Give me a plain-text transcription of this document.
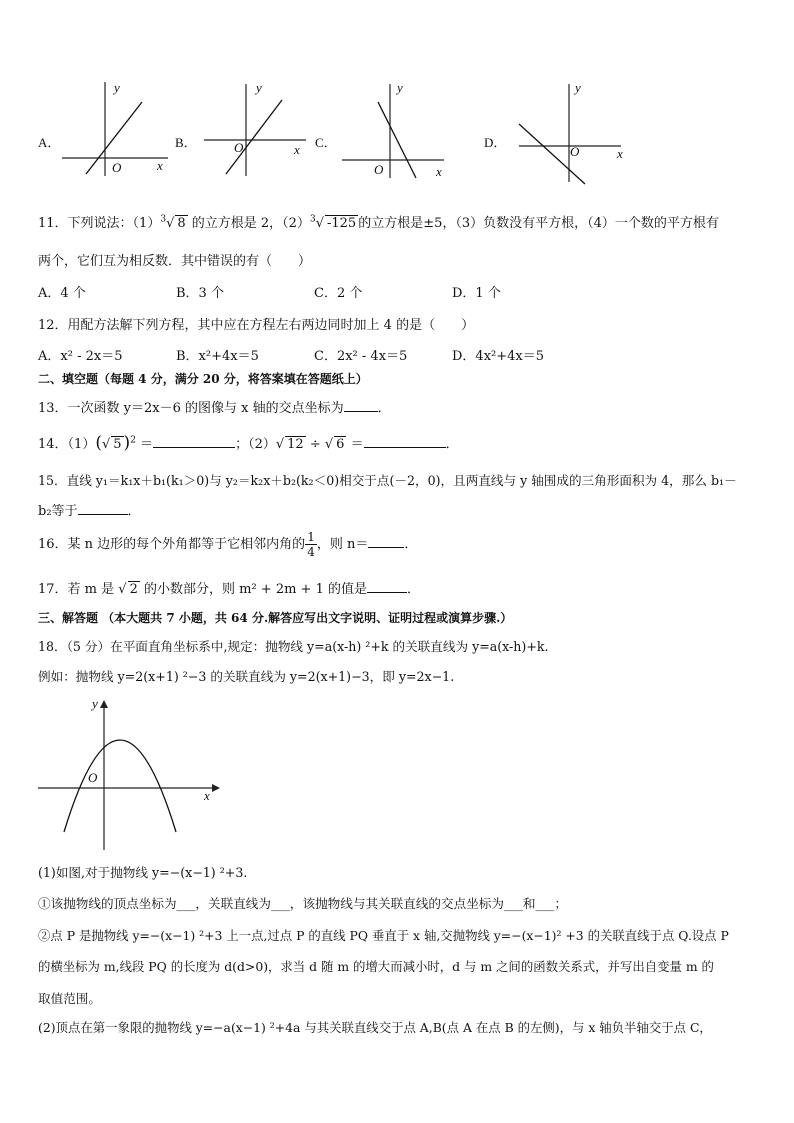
A．	B．	C．	D．
y
x
O
y
x
O
y
x
O
y
x
O
11．下列说法：$(1)^3√$ 8 的立方根是 2，$(2)^3√$ -125 的立方根是±5，（3）负数没有平方根，（4）一个数的平方根有
两个，它们互为相反数．其中错误的有（　　）
A．4 个	B．3 个	C．2 个	D．1 个
12．用配方法解下列方程，其中应在方程左右两边同时加上 4 的是（　　）
A．x² - 2x＝5	B．x²+4x＝5	C．2x² - 4x＝5	D．4x²+4x＝5
二、填空题（每题 4 分，满分 20 分，将答案填在答题纸上）
13．一次函数 y＝2x－6 的图像与 x 轴的交点坐标为	．
14．（1）(√ 5 )$^2$ ＝	；（2）√ 12 ÷ √ 6 ＝	．
15．直线 y₁＝k₁x＋b₁(k₁＞0)与 y₂＝k₂x＋b₂(k₂＜0)相交于点(－2，0)，且两直线与 y 轴围成的三角形面积为 4，那么 b₁－
b₂等于	．
16．某 n 边形的每个外角都等于它相邻内角的 $\frac{1}{4}$ ，则 n＝	．
17．若 m 是 √ 2 的小数部分，则 m² + 2m + 1 的值是	．
三、解答题 （本大题共 7 小题，共 64 分.解答应写出文字说明、证明过程或演算步骤.）
18．（5 分）在平面直角坐标系中,规定：抛物线 y=a(x-h) ²+k 的关联直线为 y=a(x-h)+k.
例如：抛物线 y=2(x+1) ²−3 的关联直线为 y=2(x+1)−3，即 y=2x−1.
y
x
O
(1)如图,对于抛物线 y=−(x−1) ²+3.
①该抛物线的顶点坐标为___，关联直线为___，该抛物线与其关联直线的交点坐标为___和___；
②点 P 是抛物线 y=−(x−1) ²+3 上一点,过点 P 的直线 PQ 垂直于 x 轴,交抛物线 y=−(x−1)² +3 的关联直线于点 Q.设点 P
的横坐标为 m,线段 PQ 的长度为 d(d>0)，求当 d 随 m 的增大而减小时，d 与 m 之间的函数关系式，并写出自变量 m 的
取值范围。
(2)顶点在第一象限的抛物线 y=−a(x−1) ²+4a 与其关联直线交于点 A,B(点 A 在点 B 的左侧)，与 x 轴负半轴交于点 C，
